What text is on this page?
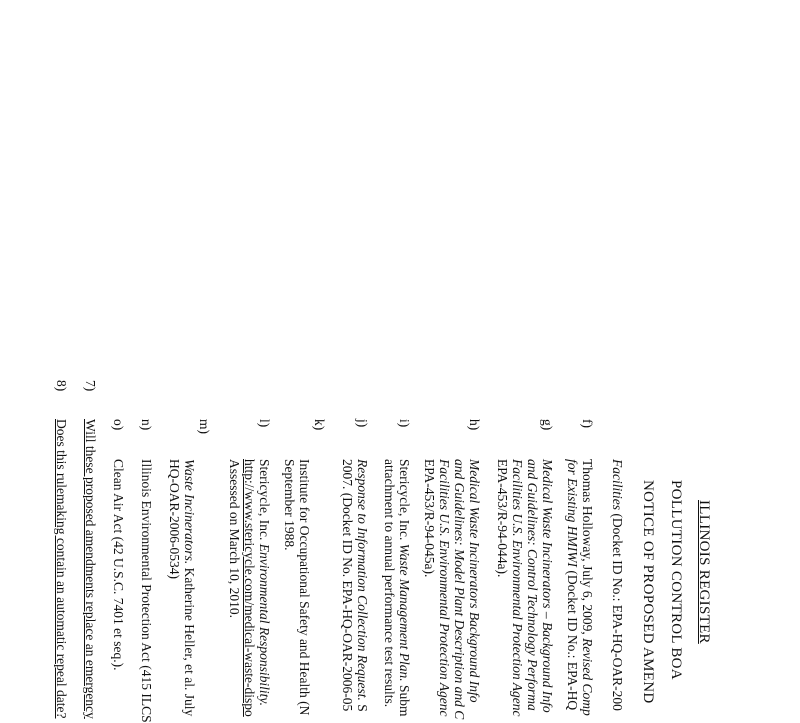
ILLINOIS REGISTER
POLLUTION CONTROL BOA
NOTICE OF PROPOSED AMEND
Facilities (Docket ID No.: EPA-HQ-OAR-200
f)
Thomas Holloway, July 6, 2009, Revised Comp
for Existing HMIWI (Docket ID No.: EPA-HQ
g)
Medical Waste Incinerators – Background Info
and Guidelines: Control Technology Performa
Facilities U.S. Environmental Protection Agenc
EPA-453/R-94-044a).
h)
Medical Waste Incinerators Background Info
and Guidelines: Model Plant Description and C
Facilities U.S. Environmental Protection Agenc
EPA-453/R-94-045a).
i)
Stericycle, Inc. Waste Management Plan. Subm
attachment to annual performance test results.
j)
Response to Information Collection Request. S
2007. (Docket ID No. EPA-HQ-OAR-2006-05
k)
Institute for Occupational Safety and Health (N
September 1988.
l)
Stericycle, Inc. Environmental Responsibility.
http://www.stericycle.com/medical-waste-dispo
Assessed on March 10, 2010.
m)
Waste Incinerators. Katherine Heller, et al. July
HQ-OAR-2006-0534)
n)
Illinois Environmental Protection Act (415 ILCS
o)
Clean Air Act (42 U.S.C. 7401 et seq.).
7)
Will these proposed amendments replace an emergency
8)
Does this rulemaking contain an automatic repeal date?
